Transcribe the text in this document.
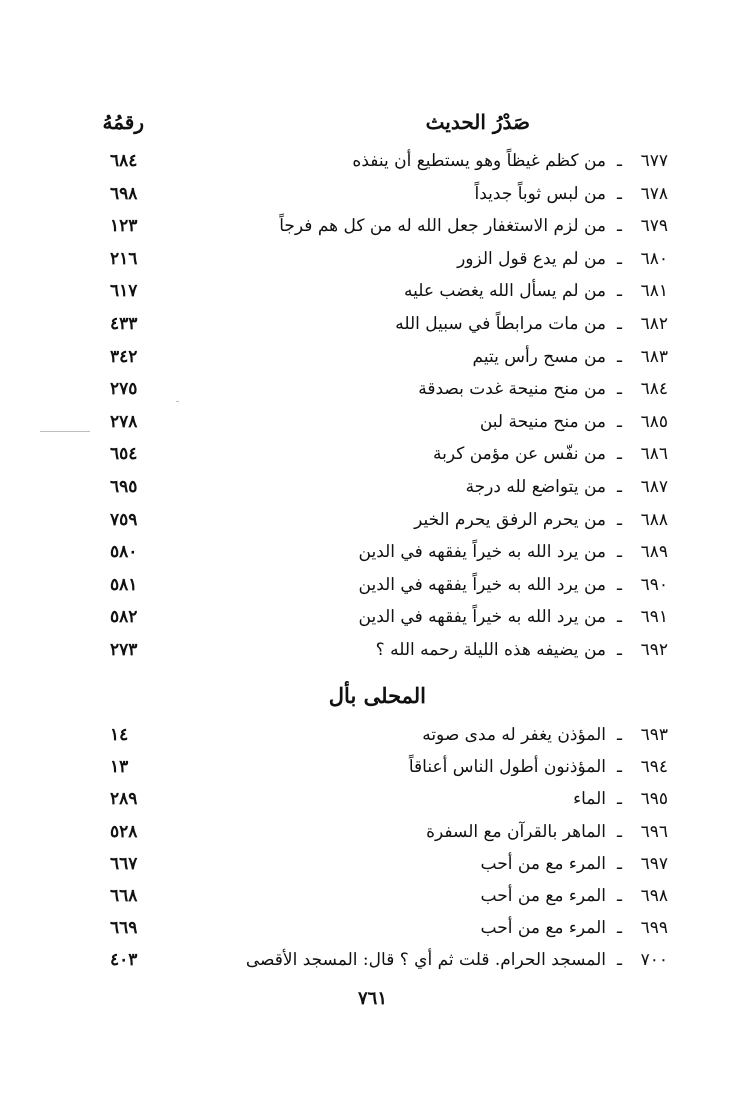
صَدْرُ الحديث
رقمُهُ
٦٧٧
ـ
من كظم غيظاً وهو يستطيع أن ينفذه
٦٨٤
٦٧٨
ـ
من لبس ثوباً جديداً
٦٩٨
٦٧٩
ـ
من لزم الاستغفار جعل الله له من كل هم فرجاً
١٢٣
٦٨٠
ـ
من لم يدع قول الزور
٢١٦
٦٨١
ـ
من لم يسأل الله يغضب عليه
٦١٧
٦٨٢
ـ
من مات مرابطاً في سبيل الله
٤٣٣
٦٨٣
ـ
من مسح رأس يتيم
٣٤٢
٦٨٤
ـ
من منح منيحة غدت بصدقة
٢٧٥
٦٨٥
ـ
من منح منيحة لبن
٢٧٨
٦٨٦
ـ
من نفّس عن مؤمن كربة
٦٥٤
٦٨٧
ـ
من يتواضع لله درجة
٦٩٥
٦٨٨
ـ
من يحرم الرفق يحرم الخير
٧٥٩
٦٨٩
ـ
من يرد الله به خيراً يفقهه في الدين
٥٨٠
٦٩٠
ـ
من يرد الله به خيراً يفقهه في الدين
٥٨١
٦٩١
ـ
من يرد الله به خيراً يفقهه في الدين
٥٨٢
٦٩٢
ـ
من يضيفه هذه الليلة رحمه الله ؟
٢٧٣
المحلى بأل
٦٩٣
ـ
المؤذن يغفر له مدى صوته
١٤
٦٩٤
ـ
المؤذنون أطول الناس أعناقاً
١٣
٦٩٥
ـ
الماء
٢٨٩
٦٩٦
ـ
الماهر بالقرآن مع السفرة
٥٢٨
٦٩٧
ـ
المرء مع من أحب
٦٦٧
٦٩٨
ـ
المرء مع من أحب
٦٦٨
٦٩٩
ـ
المرء مع من أحب
٦٦٩
٧٠٠
ـ
المسجد الحرام. قلت ثم أي ؟ قال: المسجد الأقصى
٤٠٣
٧٦١
